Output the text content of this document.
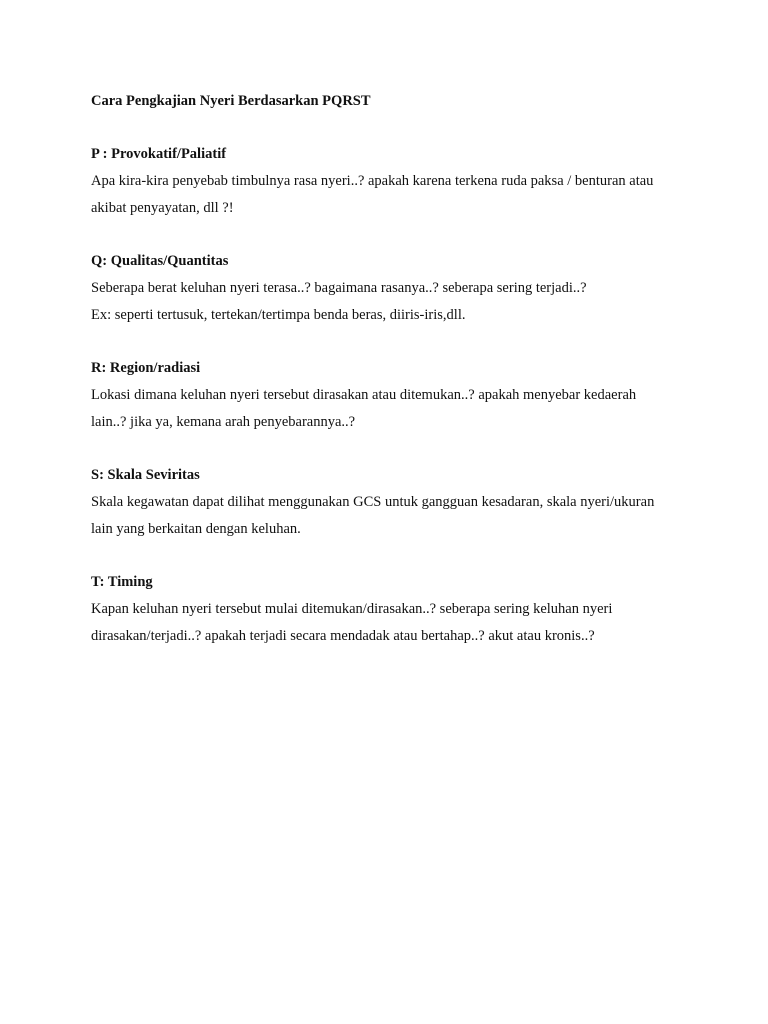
Cara Pengkajian Nyeri Berdasarkan PQRST

P : Provokatif/Paliatif

Apa kira-kira penyebab timbulnya rasa nyeri..? apakah karena terkena ruda paksa / benturan atau

akibat penyayatan, dll ?!

Q: Qualitas/Quantitas

Seberapa berat keluhan nyeri terasa..? bagaimana rasanya..? seberapa sering terjadi..?

Ex: seperti tertusuk, tertekan/tertimpa benda beras, diiris-iris,dll.

R: Region/radiasi

Lokasi dimana keluhan nyeri tersebut dirasakan atau ditemukan..? apakah menyebar kedaerah

lain..? jika ya, kemana arah penyebarannya..?

S: Skala Seviritas

Skala kegawatan dapat dilihat menggunakan GCS untuk gangguan kesadaran, skala nyeri/ukuran

lain yang berkaitan dengan keluhan.

T: Timing

Kapan keluhan nyeri tersebut mulai ditemukan/dirasakan..? seberapa sering keluhan nyeri

dirasakan/terjadi..? apakah terjadi secara mendadak atau bertahap..? akut atau kronis..?
